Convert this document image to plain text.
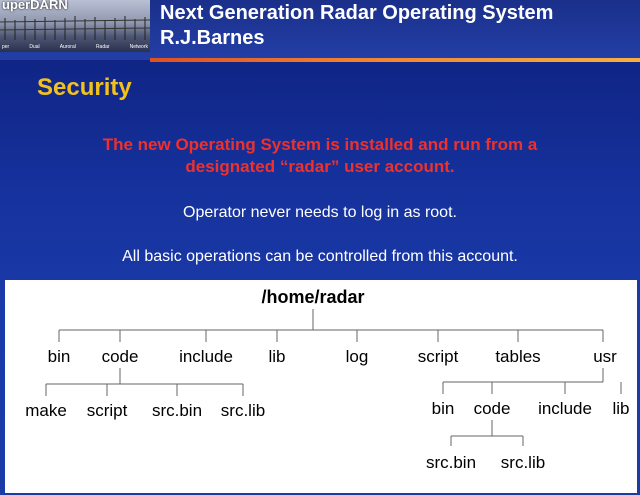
uperDARN
per	Dual	Auroral	Radar	Network
Next Generation Radar Operating System
R.J.Barnes
Security
The new Operating System is installed and run from a
designated “radar” user account.
Operator never needs to log in as root.
All basic operations can be controlled from this account.
/home/radar
bin code include lib	log	script tables	usr
make script src.bin src.lib	bin code include lib
src.bin src.lib
